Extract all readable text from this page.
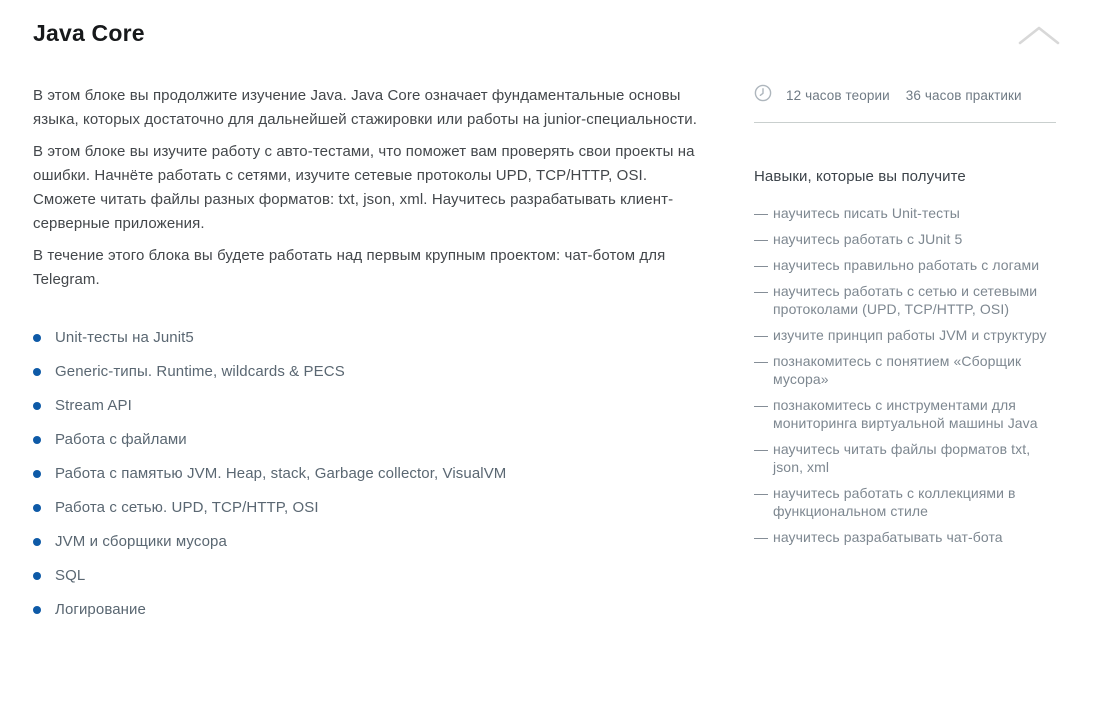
Java Core

В этом блоке вы продолжите изучение Java. Java Core означает фундаментальные основы языка, которых достаточно для дальнейшей стажировки или работы на junior-специальности.

В этом блоке вы изучите работу с авто-тестами, что поможет вам проверять свои проекты на ошибки. Начнёте работать с сетями, изучите сетевые протоколы UPD, TCP/HTTP, OSI. Сможете читать файлы разных форматов: txt, json, xml. Научитесь разрабатывать клиент-серверные приложения.

В течение этого блока вы будете работать над первым крупным проектом: чат-ботом для Telegram.

Unit-тесты на Junit5
Generic-типы. Runtime, wildcards & PECS
Stream API
Работа с файлами
Работа с памятью JVM. Heap, stack, Garbage collector, VisualVM
Работа с сетью. UPD, TCP/HTTP, OSI
JVM и сборщики мусора
SQL
Логирование
12 часов теории 36 часов практики
Навыки, которые вы получите
— научитесь писать Unit-тесты
— научитесь работать с JUnit 5
— научитесь правильно работать с логами
— научитесь работать с сетью и сетевыми протоколами (UPD, TCP/HTTP, OSI)
— изучите принцип работы JVM и структуру
— познакомитесь с понятием «Сборщик мусора»
— познакомитесь с инструментами для мониторинга виртуальной машины Java
— научитесь читать файлы форматов txt, json, xml
— научитесь работать с коллекциями в функциональном стиле
— научитесь разрабатывать чат-бота
